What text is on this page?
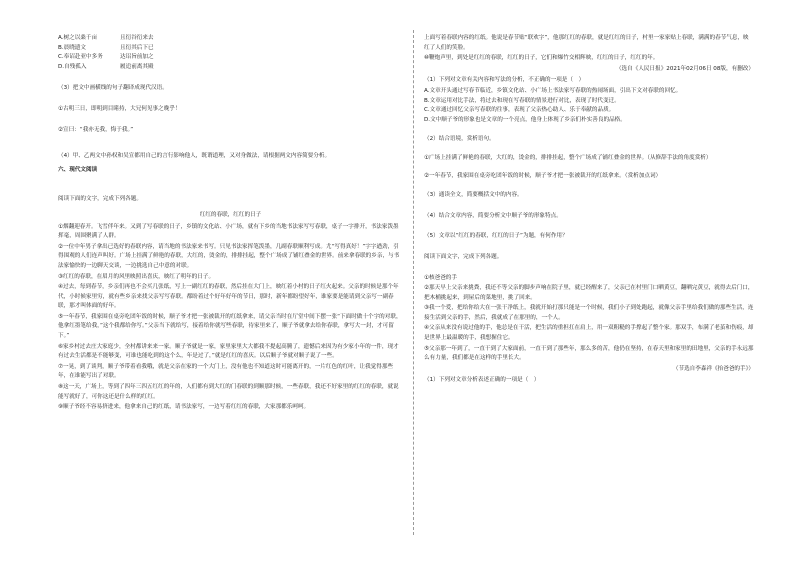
A.树之以桑千亩	且衍谷衍来去
B.晨晓遗文	且衍其后下已
C.奉诏赴亚中多务	达诏旨前加之
D.自残孤入	履追前离其殿

（3）把文中画横线的句子翻译成现代汉语。

①古明三日，即明到目睹持，大兄何见事之晚乎！

②宣曰：“我亦无我，悔于我。”

（4）甲、乙两文中孙权和吴宣都用自己的言行影响他人，既谓道理，又对身做法，请根据两文内容简要分析。

六、现代文阅读

阅读下面的文字，完成下列各题。

红红的春联，红红的日子

①烟翻迎春开。飞雪伴年来。又到了写春联的日子，乡镇的文化站、小广场，就有下乡的当地书法家写写春联，桌子一字排开，书法家泼墨挥毫，周围聚满了人群。

②一位中年男子拿出已选好的春联内容，请当地的书法家来书写。只见书法家挥笔泼墨，几副春联顺利写成。尤“写得真好！”字字遒劲，引得围观的人们连声叫好。广场上挂满了鲜艳的春联，大红的，烫金的，排排挂起，整个广场成了铺红叠金的世界。前来拿春联的乡亲，与书法家愉快的一边聊天交谈，一边挑选自己中意的对联。

③红红的春联，在眉月的风里映照出喜庆，映红了明年的日子。

④过去，每到春节，乡亲们再也不会买几张纸，写上一副红红的春联，然后挂在大门上，映红着小村的日子红火起来。父亲的时候是那个年代，小时候家里穷，就有些乡亲来找父亲写写春联。都盼着过个好年好年的节日，那时，新年都盼望好年，谁家要是能请到父亲写一副春联，那才叫体面的好年。

⑤一年春节，我家围在桌旁吃团年饭的时候，顺子爷才把一张被裁开的红纸拿来，请父亲当时在厅堂中间下摆一张“下面时做十个字的对联，他拿红墨笔给我，”这个我都给你写。”父亲当下就给写，接着给你就写些春联，待家里来了，顺子爷就拿去给你春联，拿写大一封，才可留下。”

⑥家乡村过去庄大家庭少，全村都讲来来一家。顺子爷就是一家，家里家里大大都我不提起高腾了，遗憾后来因为有少家小年的一件，现才有过去生活都是不能够变，可谁也能吃到的这个么，年是过了，”就是红红的喜庆。以后顺子爷就对顺子说了一些。

⑦一晃，到了谈判，顺子爷带着看我哦，就是父亲在家的一个大门上，没有他也不知道这时可能离开的，一片红色的红叶，让我觉得那些年，在谁能写出了对联。

⑧这一天，广场上，等到了四年三四五红红的年的，人们都有到大红的门春联的到顺那时候，一些春联，我还不好家里的红红的春联，就说能写就好了，可你这还是什么样的红红。

⑨顺子爷经不容易挤进来，他拿来自己的红纸，请书法家写，一边写着红红的春联，大家那都乐呵呵。

上面写着春联内容的红纸。他说是春节贴“联欢字”，他那红红的春联，就是红红的日子，村里一家家贴上春联，满满的春节气息，映红了人们的笑脸。

⑩鞭炮声里，到处是红红的春联，红红的日子，它们和爆竹交相辉映，红红的日子，红红的年。

（选自《人民日报》2021年02月06日 08版，有删改）

（1）下列对文章有关内容和写法的分析，不正确的一项是（　）

A.文章开头通过写春节临近，乡镇文化站、小广场上书法家写春联的热闹场面，引出下文对春联的回忆。

B.文章运用对比手法，将过去和现在写春联的情景进行对比，表现了时代变迁。

C.文章通过回忆父亲写春联的往事，表现了父亲热心助人、乐于奉献的品质。

D.文中顺子爷的形象也是文章的一个亮点，他身上体现了乡亲们朴实善良的品格。

（2）结合语境，赏析语句。

①广场上挂满了鲜艳的春联，大红的，烫金的，排排挂起，整个广场成了铺红叠金的世界。（从修辞手法的角度赏析）

②一年春节，我家围在桌旁吃团年饭的时候，顺子爷才把一张被裁开的红纸拿来。（赏析加点词）

（3）通读全文，简要概括文中的内容。

（4）结合文章内容，简要分析文中顺子爷的形象特点。

（5）文章以“红红的春联，红红的日子”为题，有何作用？

阅读下面文字，完成下列各题。

①核爸爸的手

②那天早上父亲来挑粪，我还不等父亲的脚步声响在院子里，就已经醒来了，父亲已在村里门口晒黄豆，翻晒完黄豆，就得去后门口，把木桶挑起来，到屋后的菜地里，挑了回来。

③我一个爱，把给你给大在一张干净纸上，我就开始打那只能是一个时候，我们小子到处跑起，就像父亲手里给我们做的那些生活，连接生活到父亲的手，然后，我就成了在那里的，一个人。

④父亲从来没有说过他的手，他总是在干活，把生活的重担扛在肩上，用一双粗糙的手撑起了整个家。那双手，布满了老茧和伤痕，却是世界上最温暖的手，我想握住它。

⑤父亲那一年到了，一直干到了大家面前，一直干到了那些年，那么多的苦，他仍在坚持，在春天里和家里的田地里，父亲的手永远那么有力量，我们都是在这样的手里长大。

（节选自李森祥《抬爸爸的手》）

（1）下列对文章分析表述正确的一项是（　）
